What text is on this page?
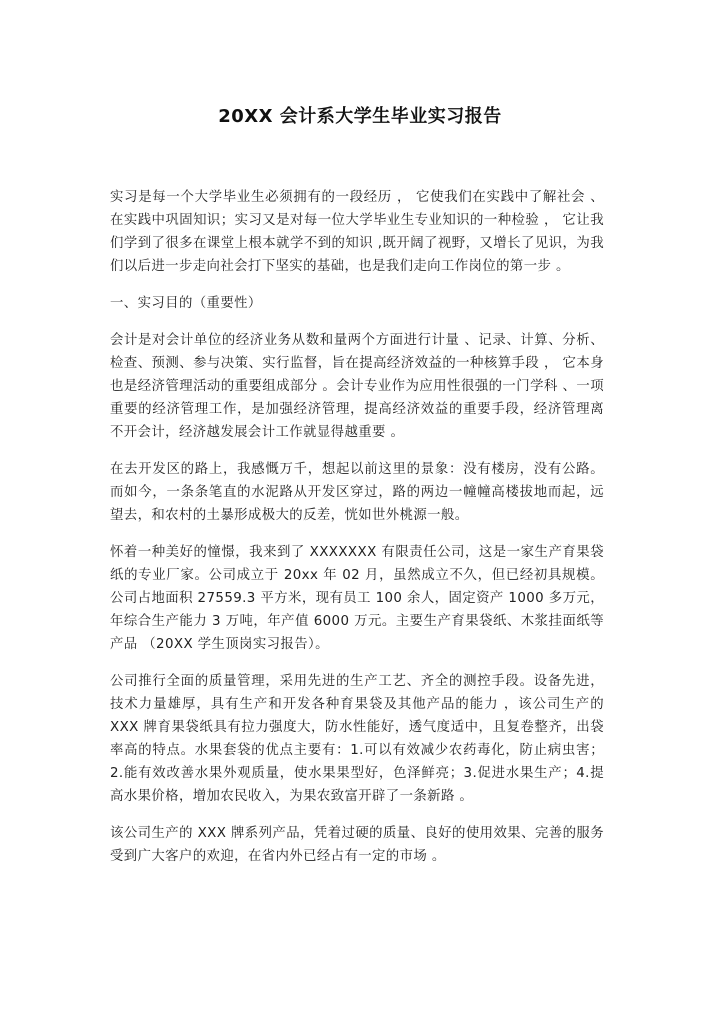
20XX 会计系大学生毕业实习报告

实习是每一个大学毕业生必须拥有的一段经历 ， 它使我们在实践中了解社会 、在实践中巩固知识；实习又是对每一位大学毕业生专业知识的一种检验 ， 它让我们学到了很多在课堂上根本就学不到的知识 ,既开阔了视野，又增长了见识，为我们以后进一步走向社会打下坚实的基础，也是我们走向工作岗位的第一步 。

一、实习目的（重要性）

会计是对会计单位的经济业务从数和量两个方面进行计量 、记录、计算、分析、检查、预测、参与决策、实行监督，旨在提高经济效益的一种核算手段 ， 它本身也是经济管理活动的重要组成部分 。会计专业作为应用性很强的一门学科 、一项重要的经济管理工作，是加强经济管理，提高经济效益的重要手段，经济管理离不开会计，经济越发展会计工作就显得越重要 。

在去开发区的路上，我感慨万千，想起以前这里的景象：没有楼房，没有公路。而如今，一条条笔直的水泥路从开发区穿过，路的两边一幢幢高楼拔地而起，远望去，和农村的土暴形成极大的反差，恍如世外桃源一般。

怀着一种美好的憧憬，我来到了 XXXXXXX 有限责任公司，这是一家生产育果袋纸的专业厂家。公司成立于 20xx 年 02 月，虽然成立不久，但已经初具规模。公司占地面积 27559.3 平方米，现有员工 100 余人，固定资产 1000 多万元，年综合生产能力 3 万吨，年产值 6000 万元。主要生产育果袋纸、木浆挂面纸等产品 （20XX 学生顶岗实习报告）。

公司推行全面的质量管理，采用先进的生产工艺、齐全的测控手段。设备先进，技术力量雄厚，具有生产和开发各种育果袋及其他产品的能力 ，该公司生产的 XXX 牌育果袋纸具有拉力强度大，防水性能好，透气度适中，且复卷整齐，出袋率高的特点。水果套袋的优点主要有：1.可以有效减少农药毒化，防止病虫害；2.能有效改善水果外观质量，使水果果型好，色泽鲜亮；3.促进水果生产；4.提高水果价格，增加农民收入，为果农致富开辟了一条新路 。

该公司生产的 XXX 牌系列产品，凭着过硬的质量、良好的使用效果、完善的服务受到广大客户的欢迎，在省内外已经占有一定的市场 。
